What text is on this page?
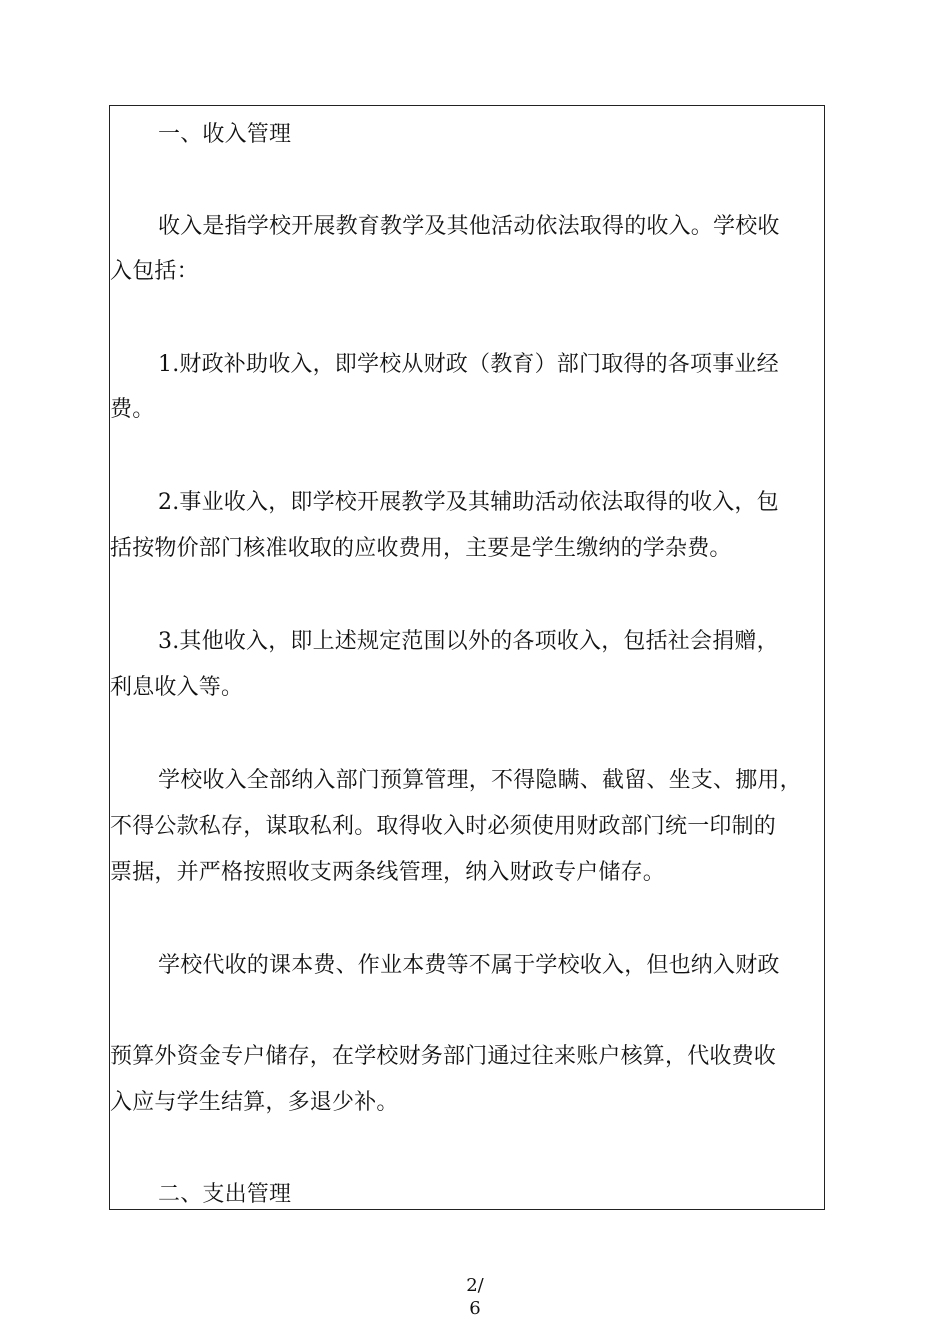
一、收入管理
收入是指学校开展教育教学及其他活动依法取得的收入。学校收
入包括：
1.财政补助收入，即学校从财政（教育）部门取得的各项事业经
费。
2.事业收入，即学校开展教学及其辅助活动依法取得的收入，包
括按物价部门核准收取的应收费用，主要是学生缴纳的学杂费。
3.其他收入，即上述规定范围以外的各项收入，包括社会捐赠，
利息收入等。
学校收入全部纳入部门预算管理，不得隐瞒、截留、坐支、挪用，
不得公款私存，谋取私利。取得收入时必须使用财政部门统一印制的
票据，并严格按照收支两条线管理，纳入财政专户储存。
学校代收的课本费、作业本费等不属于学校收入，但也纳入财政
预算外资金专户储存，在学校财务部门通过往来账户核算，代收费收
入应与学生结算，多退少补。
二、支出管理
2/
6
